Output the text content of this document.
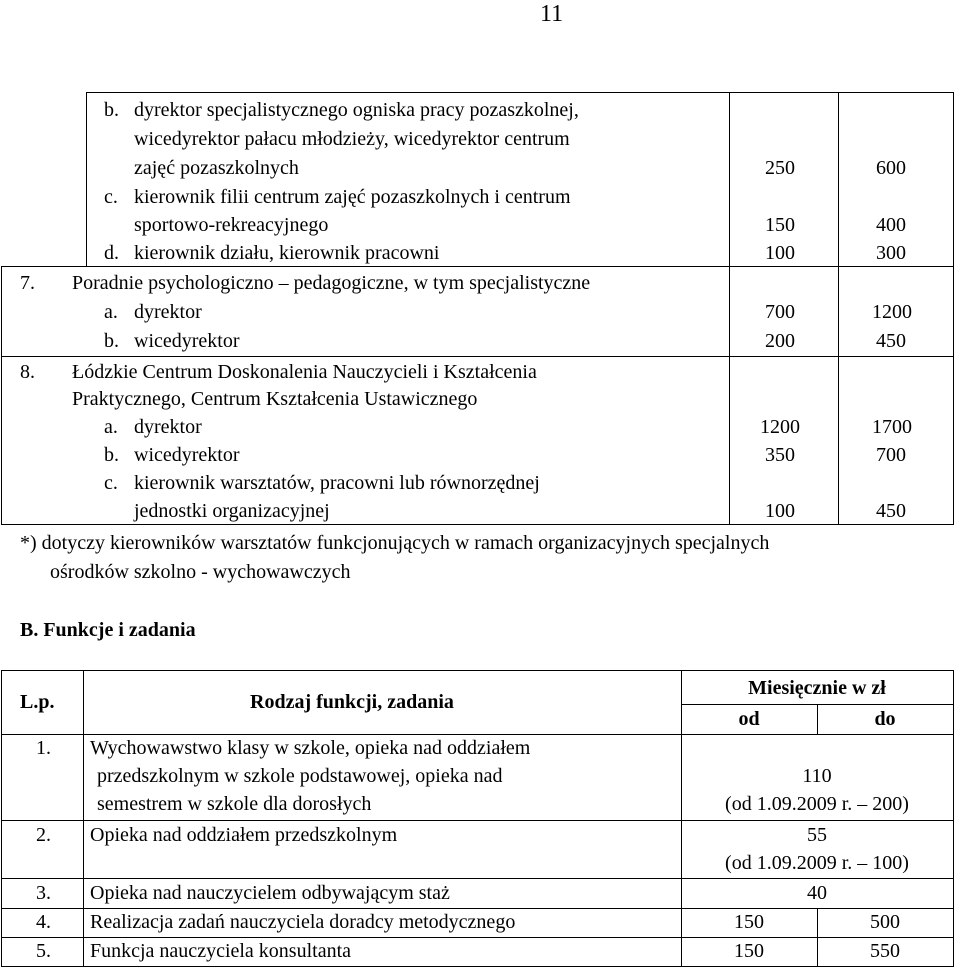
11
b. dyrektor specjalistycznego ogniska pracy pozaszkolnej,
wicedyrektor pałacu młodzieży, wicedyrektor centrum
zajęć pozaszkolnych	250	600
c. kierownik filii centrum zajęć pozaszkolnych i centrum
sportowo-rekreacyjnego	150	400
d. kierownik działu, kierownik pracowni	100	300
7. Poradnie psychologiczno – pedagogiczne, w tym specjalistyczne
a. dyrektor	700	1200
b. wicedyrektor	200	450
8. Łódzkie Centrum Doskonalenia Nauczycieli i Kształcenia
Praktycznego, Centrum Kształcenia Ustawicznego
a. dyrektor	1200	1700
b. wicedyrektor	350	700
c. kierownik warsztatów, pracowni lub równorzędnej
jednostki organizacyjnej	100	450
*) dotyczy kierowników warsztatów funkcjonujących w ramach organizacyjnych specjalnych
ośrodków szkolno - wychowawczych
B. Funkcje i zadania
L.p.	Rodzaj funkcji, zadania
Miesięcznie w zł
od	do
1. Wychowawstwo klasy w szkole, opieka nad oddziałem
przedszkolnym w szkole podstawowej, opieka nad
semestrem w szkole dla dorosłych
110
(od 1.09.2009 r. – 200)
2. Opieka nad oddziałem przedszkolnym	55
(od 1.09.2009 r. – 100)
3. Opieka nad nauczycielem odbywającym staż	40
4. Realizacja zadań nauczyciela doradcy metodycznego	150	500
5. Funkcja nauczyciela konsultanta	150	550
